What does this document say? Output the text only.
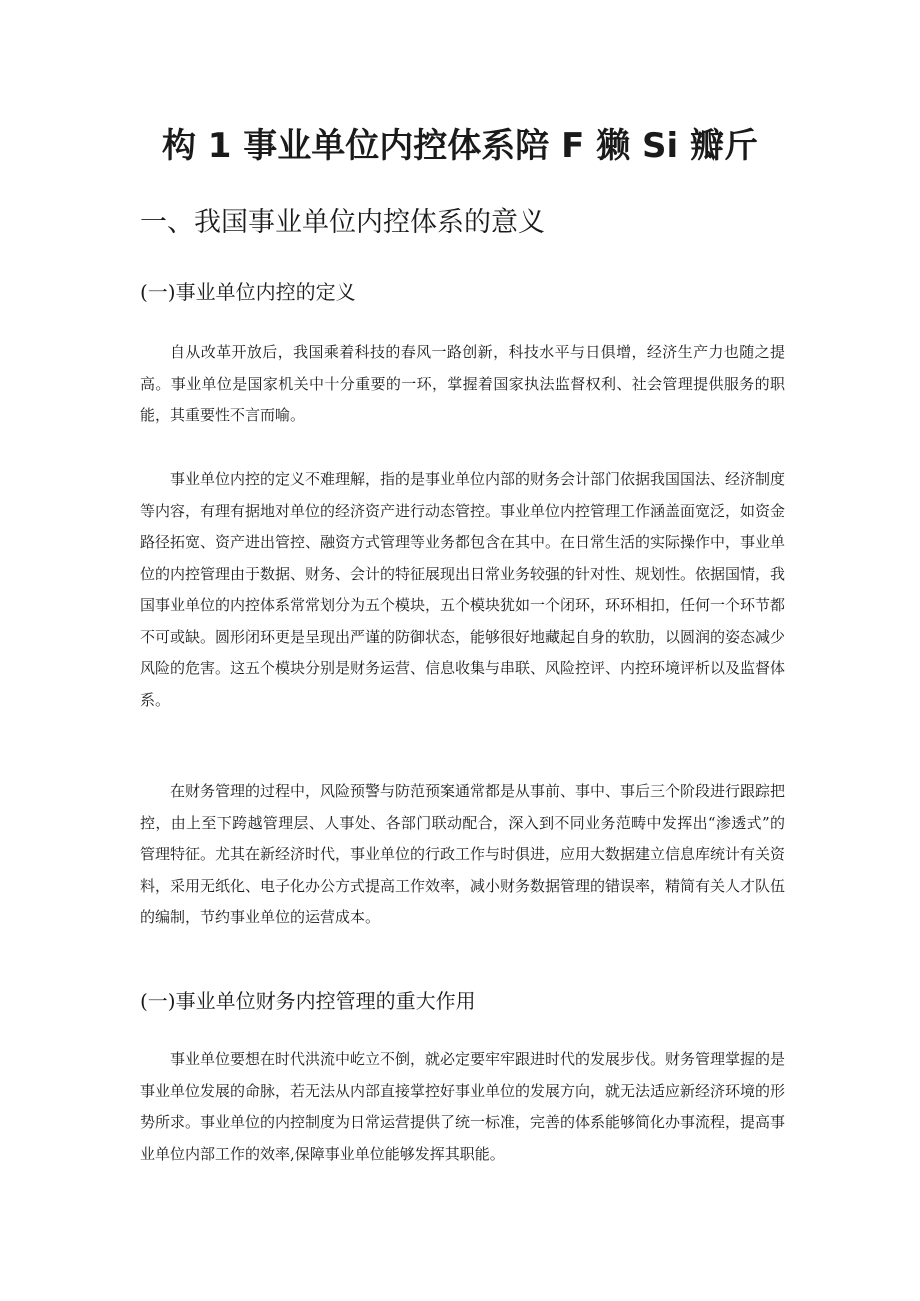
构 1 事业单位内控体系陪 F 獭 Si 瓣斤
一、我国事业单位内控体系的意义
(一)事业单位内控的定义

自从改革开放后，我国乘着科技的春风一路创新，科技水平与日俱增，经济生产力也随之提高。事业单位是国家机关中十分重要的一环，掌握着国家执法监督权利、社会管理提供服务的职能，其重要性不言而喻。

事业单位内控的定义不难理解，指的是事业单位内部的财务会计部门依据我国国法、经济制度等内容，有理有据地对单位的经济资产进行动态管控。事业单位内控管理工作涵盖面宽泛，如资金路径拓宽、资产进出管控、融资方式管理等业务都包含在其中。在日常生活的实际操作中，事业单位的内控管理由于数据、财务、会计的特征展现出日常业务较强的针对性、规划性。依据国情，我国事业单位的内控体系常常划分为五个模块，五个模块犹如一个闭环，环环相扣，任何一个环节都不可或缺。圆形闭环更是呈现出严谨的防御状态，能够很好地藏起自身的软肋，以圆润的姿态减少风险的危害。这五个模块分别是财务运营、信息收集与串联、风险控评、内控环境评析以及监督体系。

在财务管理的过程中，风险预警与防范预案通常都是从事前、事中、事后三个阶段进行跟踪把控，由上至下跨越管理层、人事处、各部门联动配合，深入到不同业务范畴中发挥出“渗透式”的管理特征。尤其在新经济时代，事业单位的行政工作与时俱进，应用大数据建立信息库统计有关资料，采用无纸化、电子化办公方式提高工作效率，减小财务数据管理的错误率，精简有关人才队伍的编制，节约事业单位的运营成本。

(一)事业单位财务内控管理的重大作用

事业单位要想在时代洪流中屹立不倒，就必定要牢牢跟进时代的发展步伐。财务管理掌握的是事业单位发展的命脉，若无法从内部直接掌控好事业单位的发展方向，就无法适应新经济环境的形势所求。事业单位的内控制度为日常运营提供了统一标准，完善的体系能够简化办事流程，提高事业单位内部工作的效率,保障事业单位能够发挥其职能。
